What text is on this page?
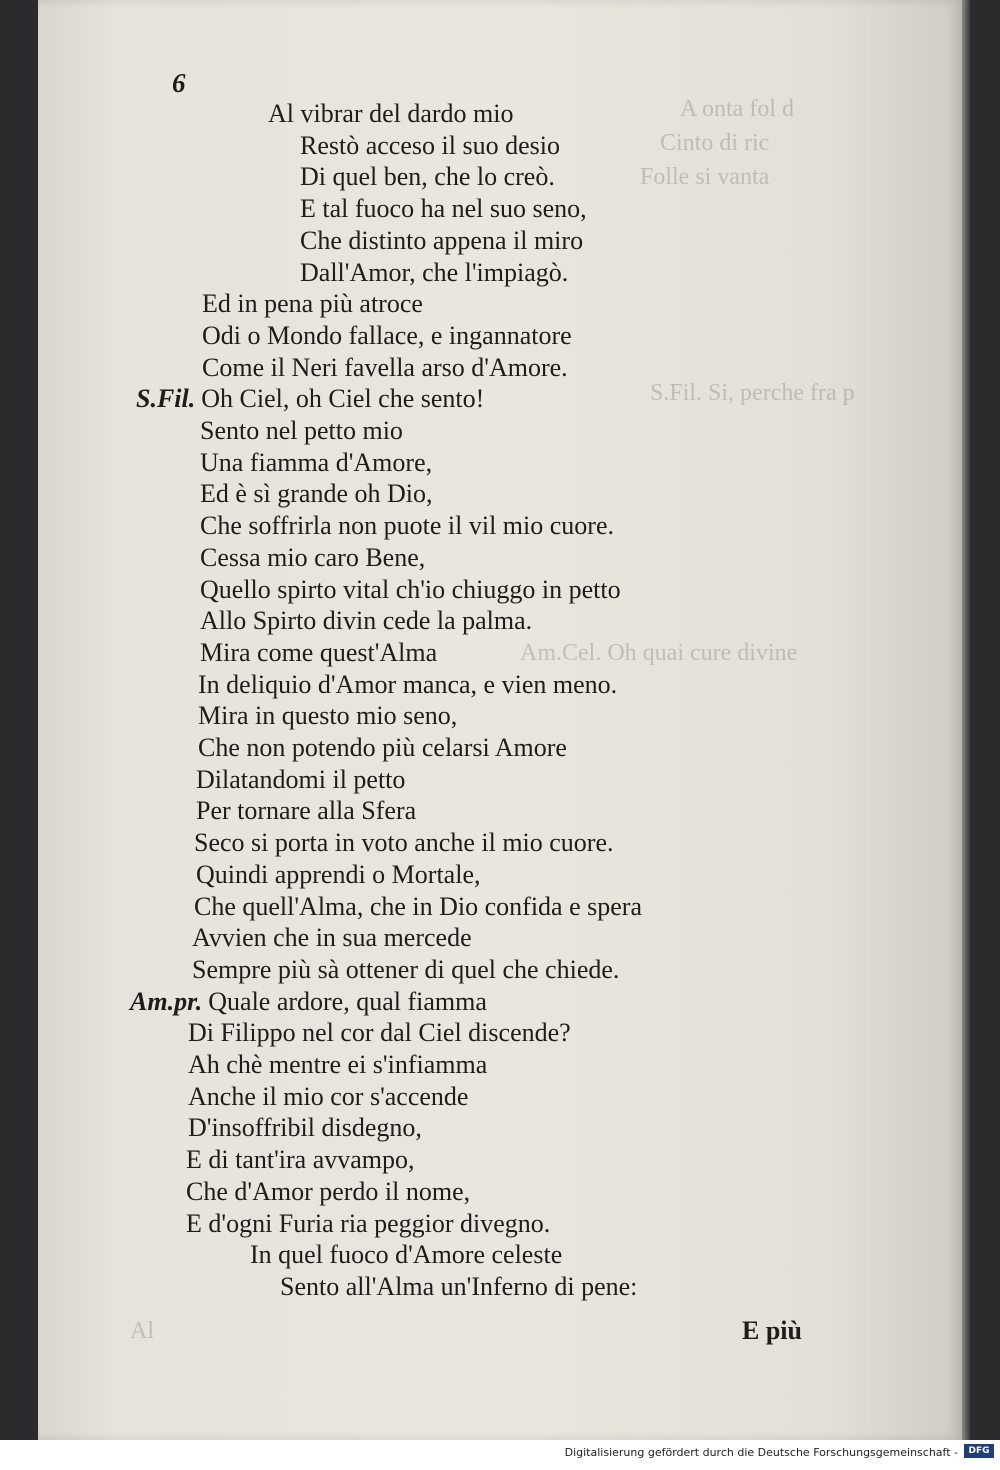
A onta fol d
Cinto di ric
Folle si vanta
S.Fil. Si, perche fra p
Am.Cel. Oh quai cure divine
Al
6
Al vibrar del dardo mio
Restò acceso il suo desio
Di quel ben, che lo creò.
E tal fuoco ha nel suo seno,
Che distinto appena il miro
Dall'Amor, che l'impiagò.
Ed in pena più atroce
Odi o Mondo fallace, e ingannatore
Come il Neri favella arso d'Amore.
S.Fil. Oh Ciel, oh Ciel che sento!
Sento nel petto mio
Una fiamma d'Amore,
Ed è sì grande oh Dio,
Che soffrirla non puote il vil mio cuore.
Cessa mio caro Bene,
Quello spirto vital ch'io chiuggo in petto
Allo Spirto divin cede la palma.
Mira come quest'Alma
In deliquio d'Amor manca, e vien meno.
Mira in questo mio seno,
Che non potendo più celarsi Amore
Dilatandomi il petto
Per tornare alla Sfera
Seco si porta in voto anche il mio cuore.
Quindi apprendi o Mortale,
Che quell'Alma, che in Dio confida e spera
Avvien che in sua mercede
Sempre più sà ottener di quel che chiede.
Am.pr. Quale ardore, qual fiamma
Di Filippo nel cor dal Ciel discende?
Ah chè mentre ei s'infiamma
Anche il mio cor s'accende
D'insoffribil disdegno,
E di tant'ira avvampo,
Che d'Amor perdo il nome,
E d'ogni Furia ria peggior divegno.
In quel fuoco d'Amore celeste
Sento all'Alma un'Inferno di pene:
E più
Digitalisierung gefördert durch die Deutsche Forschungsgemeinschaft -	DFG
